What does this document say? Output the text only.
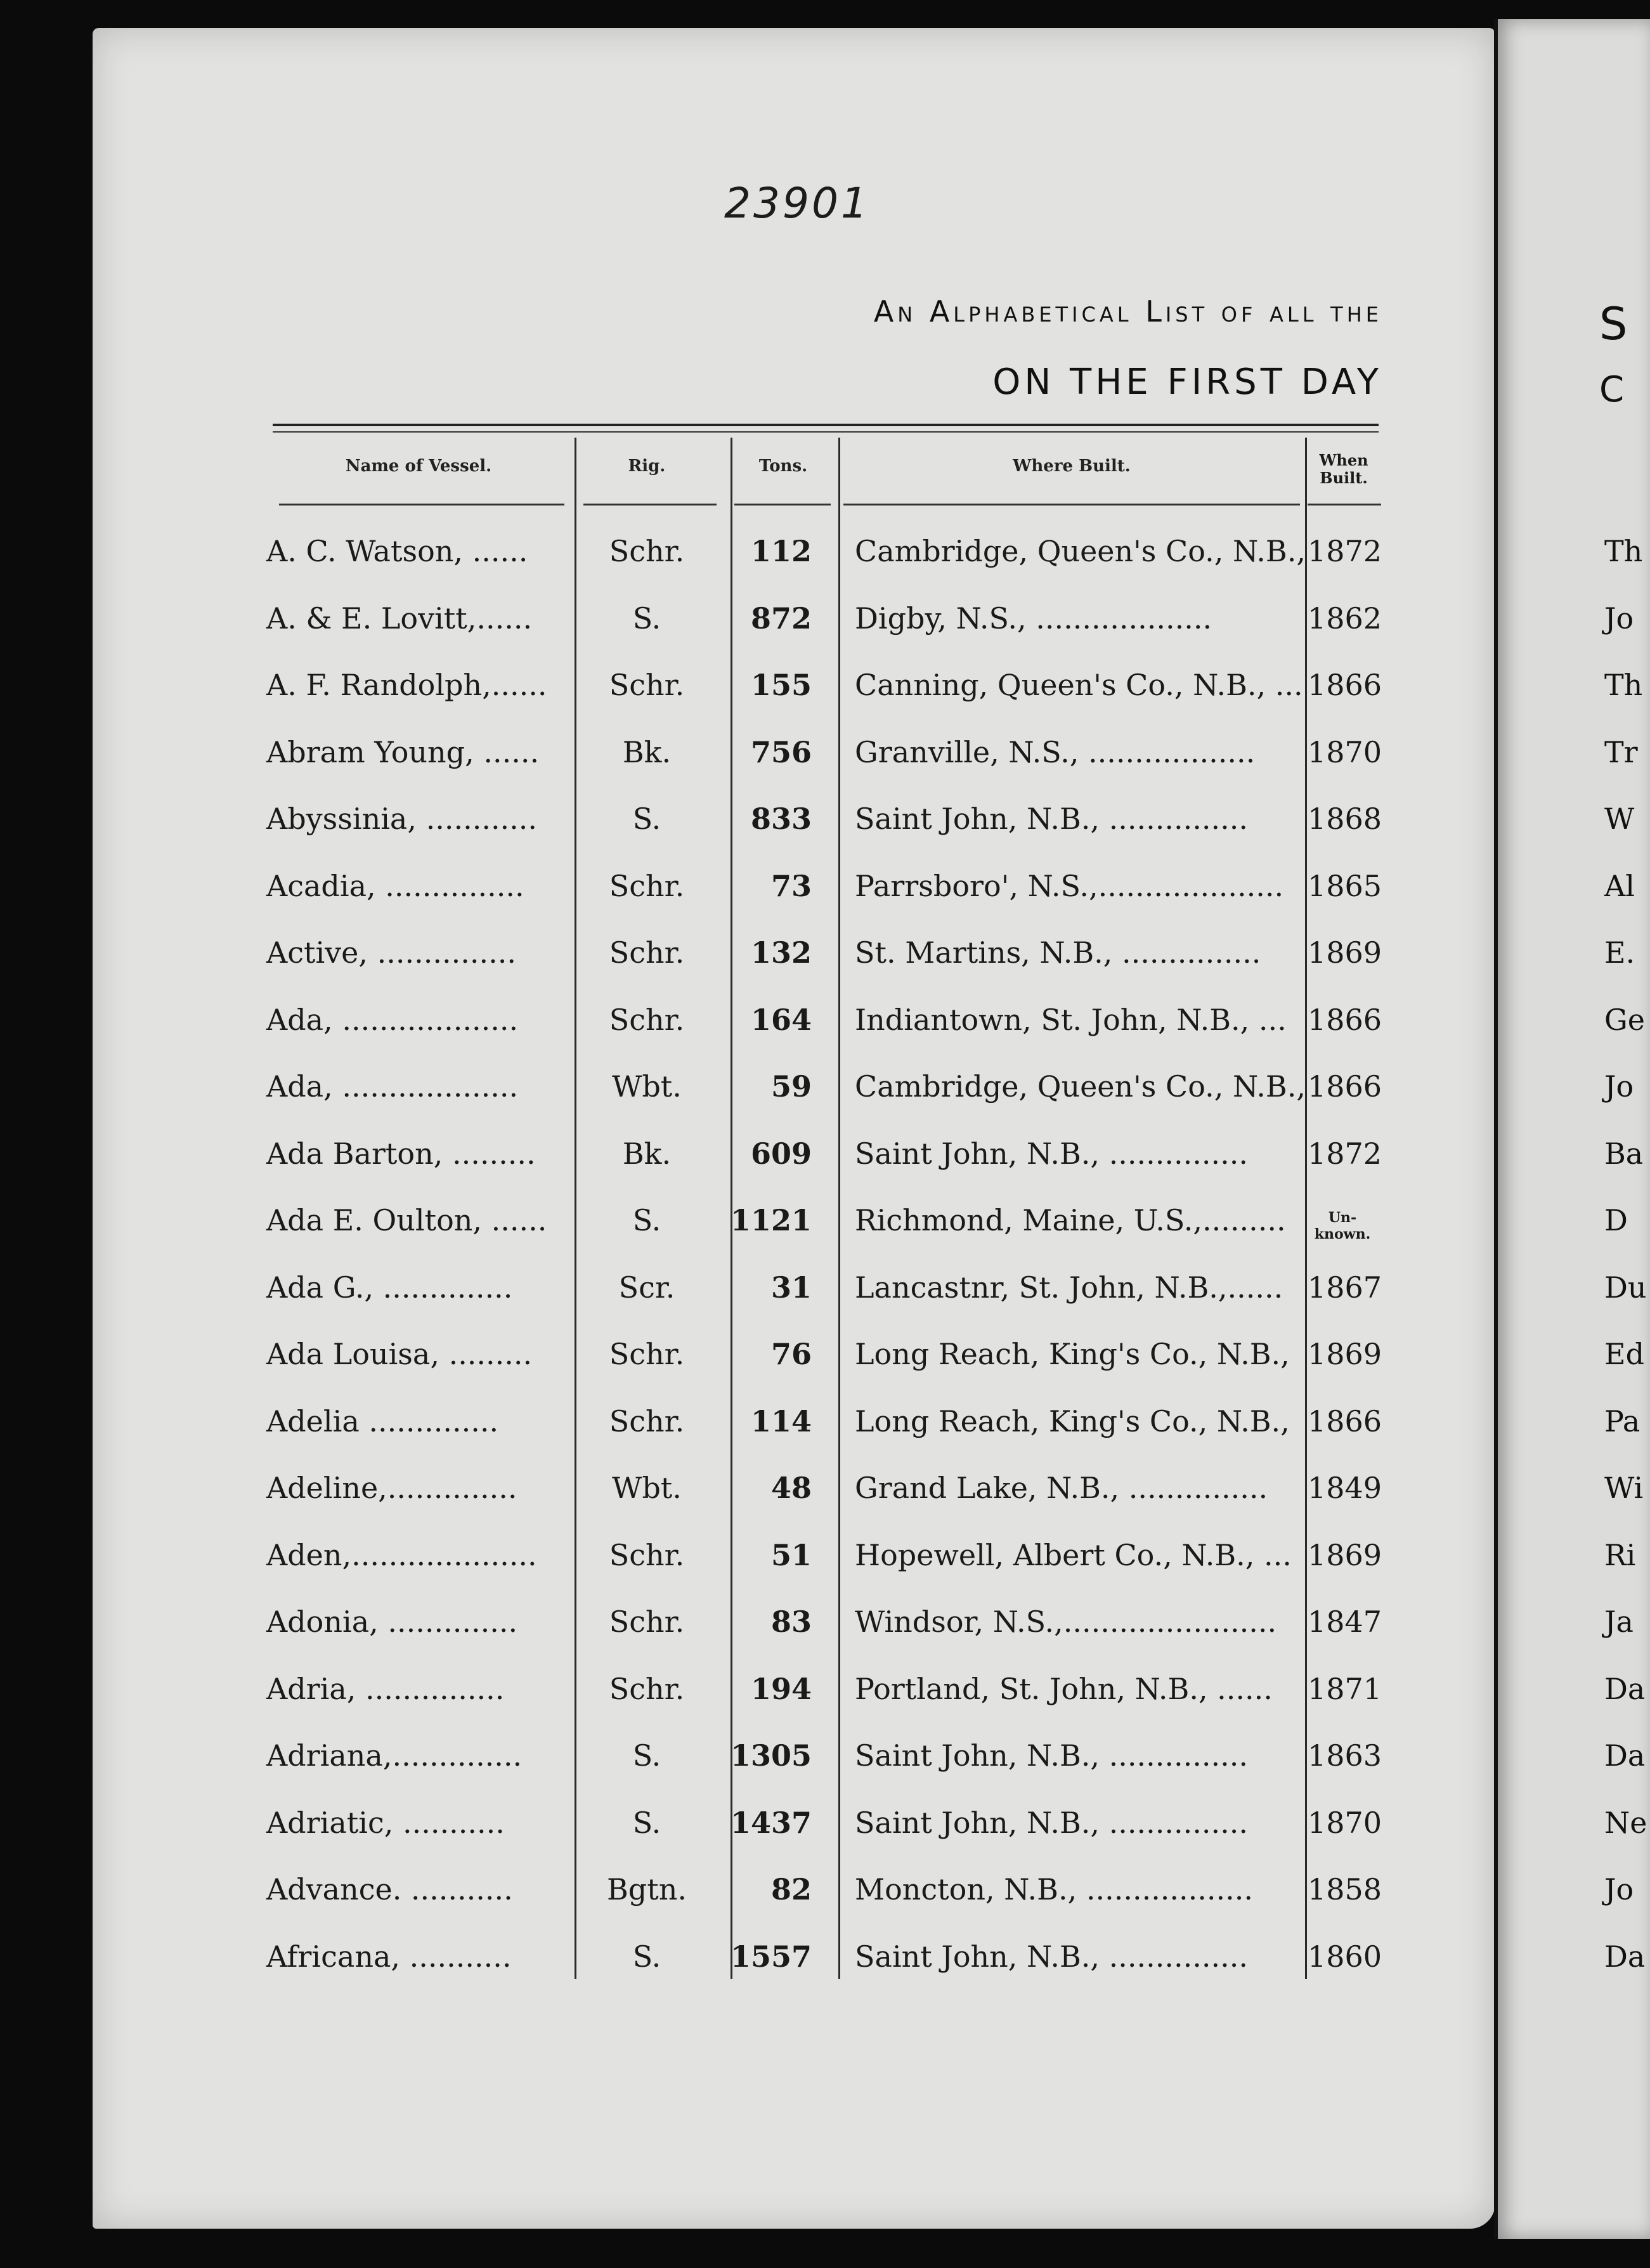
23901
An Alphabetical List of all the
ON THE FIRST DAY
Name of Vessel.	Rig.	Tons.	Where Built.	When
Built.
A. C. Watson, ......	Schr.	112 Cambridge, Queen's Co., N.B., 1872
A. & E. Lovitt,......	S.	872 Digby, N.S., ...................	1862
A. F. Randolph,......	Schr.	155 Canning, Queen's Co., N.B., ... 1866
Abram Young, ......	Bk.	756 Granville, N.S., ..................	1870
Abyssinia, ............	S.	833 Saint John, N.B., ...............	1868
Acadia, ...............	Schr.	73 Parrsboro', N.S.,.................... 1865
Active, ...............	Schr.	132 St. Martins, N.B., ...............	1869
Ada, ...................	Schr.	164 Indiantown, St. John, N.B., ... 1866
Ada, ...................	Wbt.	59 Cambridge, Queen's Co., N.B., 1866
Ada Barton, .........	Bk.	609 Saint John, N.B., ...............	1872
Ada E. Oulton, ......	S.	1121 Richmond, Maine, U.S.,.........	Un-
known.
Ada G., ..............	Scr.	31 Lancastnr, St. John, N.B.,...... 1867
Ada Louisa, .........	Schr.	76 Long Reach, King's Co., N.B., 1869
Adelia ..............	Schr.	114 Long Reach, King's Co., N.B., 1866
Adeline,..............	Wbt.	48 Grand Lake, N.B., ...............	1849
Aden,....................	Schr.	51 Hopewell, Albert Co., N.B., ... 1869
Adonia, ..............	Schr.	83 Windsor, N.S.,.......................	1847
Adria, ...............	Schr.	194 Portland, St. John, N.B., ......	1871
Adriana,..............	S.	1305 Saint John, N.B., ...............	1863
Adriatic, ...........	S.	1437 Saint John, N.B., ...............	1870
Advance. ...........	Bgtn.	82 Moncton, N.B., ..................	1858
Africana, ...........	S.	1557 Saint John, N.B., ...............	1860
S
C
Th
Jo
Th
Tr
W
Al
E.
Ge
Jo
Ba
D
Du
Ed
Pa
Wi
Ri
Ja
Da
Da
Ne
Jo
Da
